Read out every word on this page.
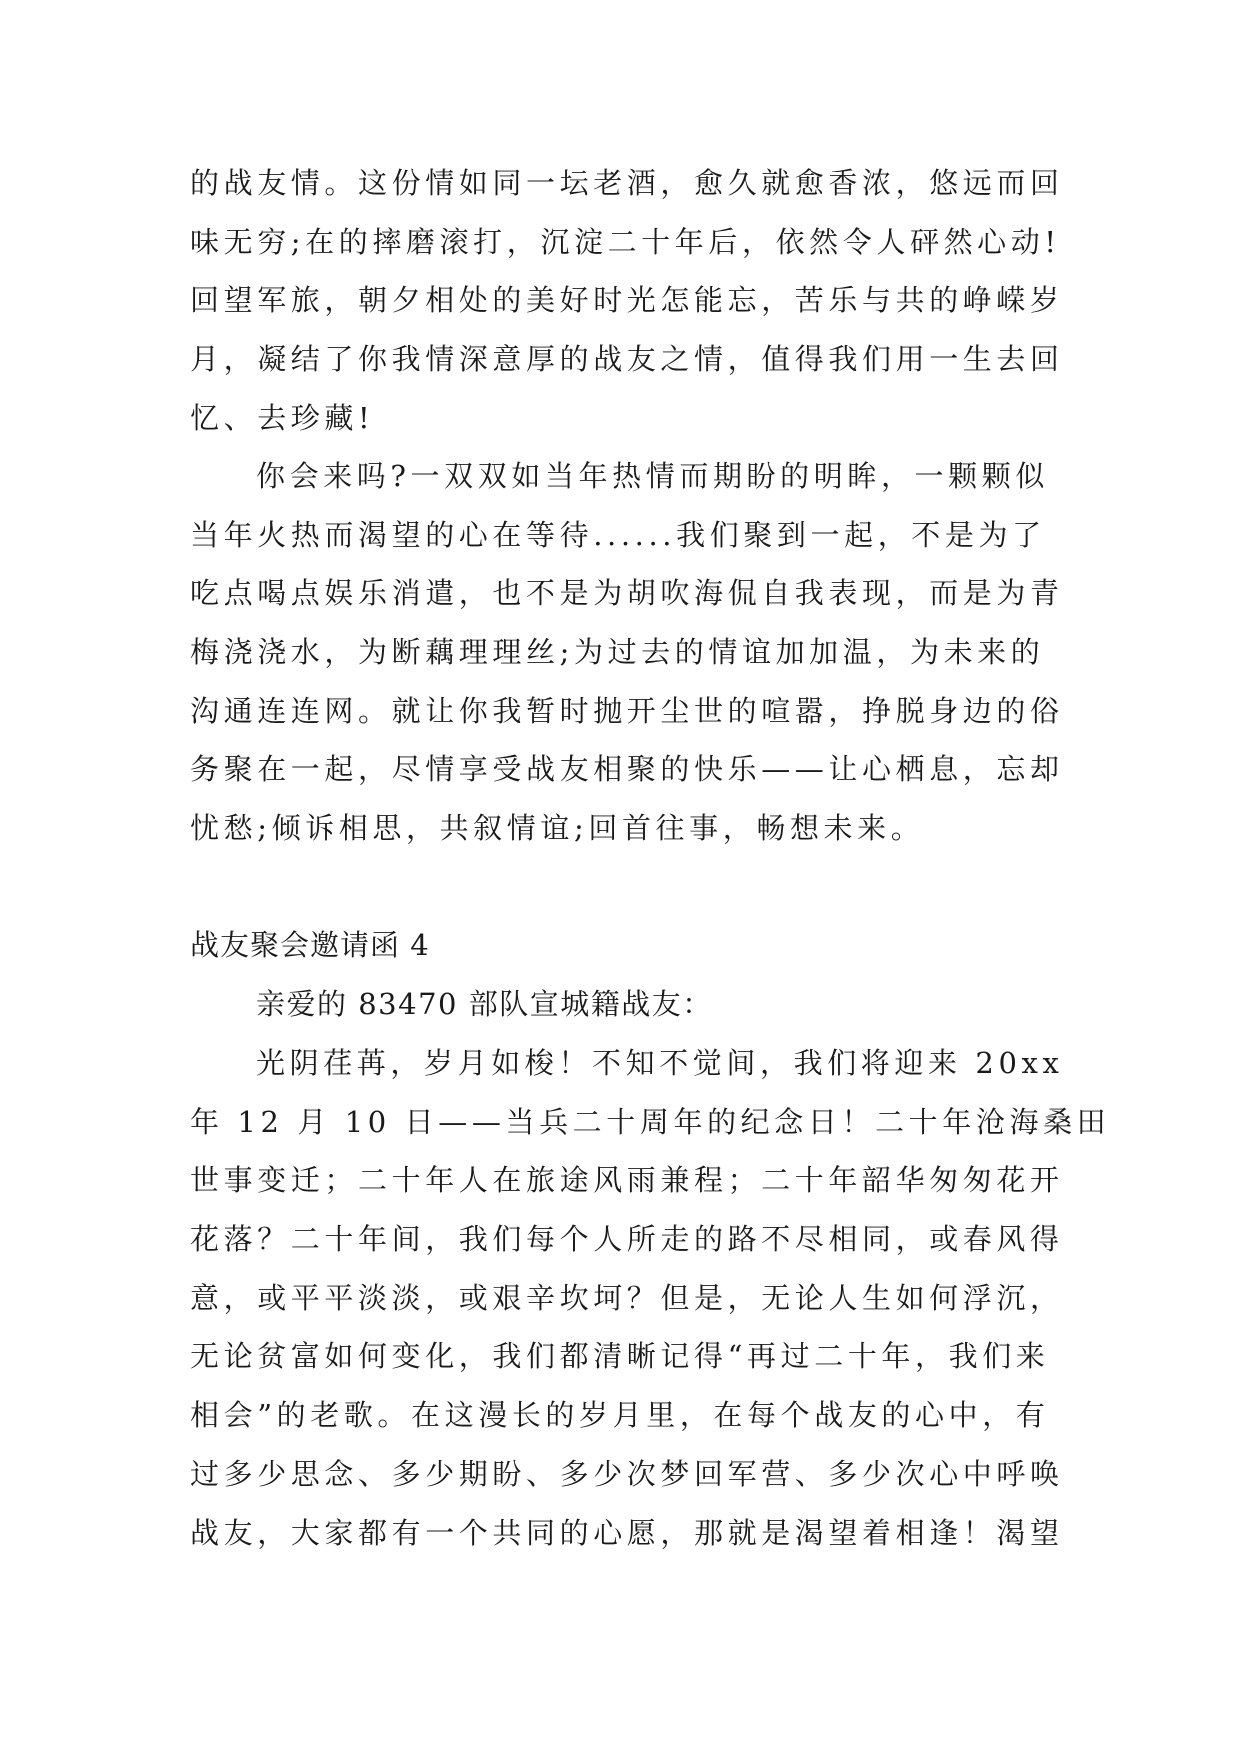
的战友情。这份情如同一坛老酒，愈久就愈香浓，悠远而回
味无穷;在的摔磨滚打，沉淀二十年后，依然令人砰然心动!
回望军旅，朝夕相处的美好时光怎能忘，苦乐与共的峥嵘岁
月，凝结了你我情深意厚的战友之情，值得我们用一生去回
忆、去珍藏!
你会来吗?一双双如当年热情而期盼的明眸，一颗颗似
当年火热而渴望的心在等待......我们聚到一起，不是为了
吃点喝点娱乐消遣，也不是为胡吹海侃自我表现，而是为青
梅浇浇水，为断藕理理丝;为过去的情谊加加温，为未来的
沟通连连网。就让你我暂时抛开尘世的喧嚣，挣脱身边的俗
务聚在一起，尽情享受战友相聚的快乐——让心栖息，忘却
忧愁;倾诉相思，共叙情谊;回首往事，畅想未来。
战友聚会邀请函 4
亲爱的 83470 部队宣城籍战友：
光阴荏苒，岁月如梭！不知不觉间，我们将迎来 20xx
年 12 月 10 日——当兵二十周年的纪念日！二十年沧海桑田
世事变迁；二十年人在旅途风雨兼程；二十年韶华匆匆花开
花落？二十年间，我们每个人所走的路不尽相同，或春风得
意，或平平淡淡，或艰辛坎坷？但是，无论人生如何浮沉，
无论贫富如何变化，我们都清晰记得“再过二十年，我们来
相会”的老歌。在这漫长的岁月里，在每个战友的心中，有
过多少思念、多少期盼、多少次梦回军营、多少次心中呼唤
战友，大家都有一个共同的心愿，那就是渴望着相逢！渴望
